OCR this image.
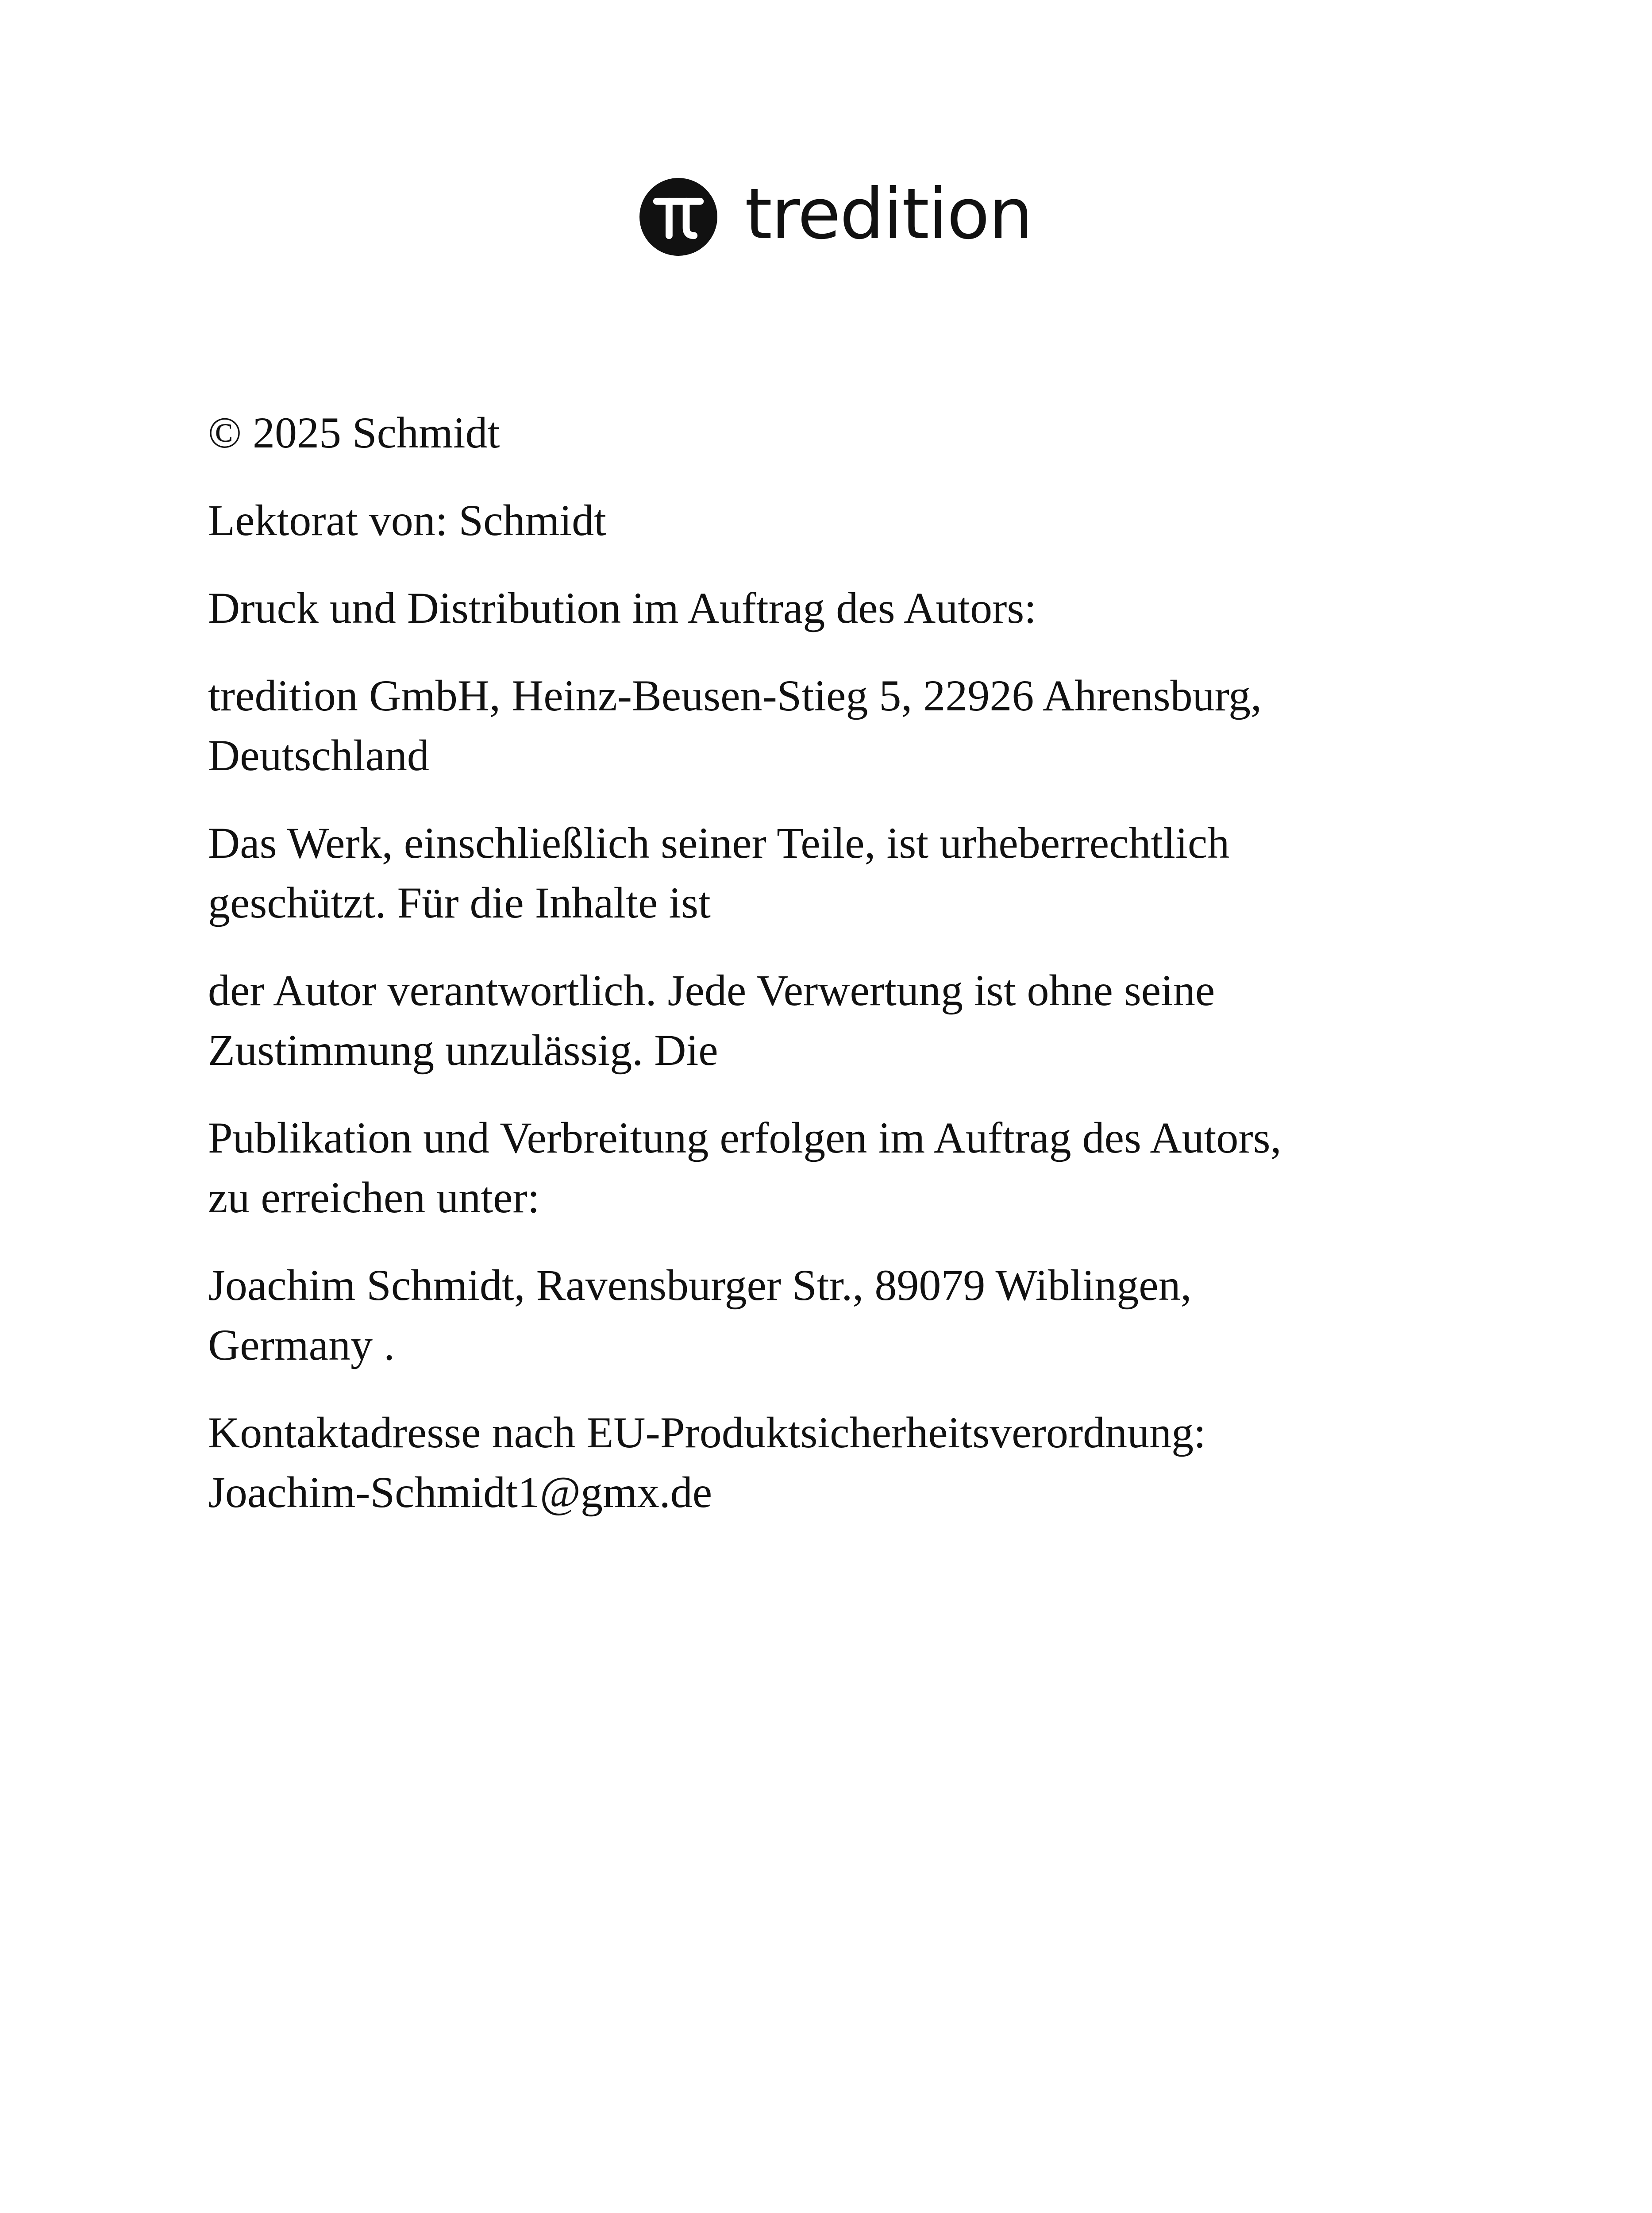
tredition

© 2025 Schmidt

Lektorat von: Schmidt

Druck und Distribution im Auftrag des Autors:

tredition GmbH, Heinz-Beusen-Stieg 5, 22926 Ahrensburg,
Deutschland

Das Werk, einschließlich seiner Teile, ist urheberrechtlich
geschützt. Für die Inhalte ist

der Autor verantwortlich. Jede Verwertung ist ohne seine
Zustimmung unzulässig. Die

Publikation und Verbreitung erfolgen im Auftrag des Autors,
zu erreichen unter:

Joachim Schmidt, Ravensburger Str., 89079 Wiblingen,
Germany .

Kontaktadresse nach EU-Produktsicherheitsverordnung:
Joachim-Schmidt1@gmx.de
